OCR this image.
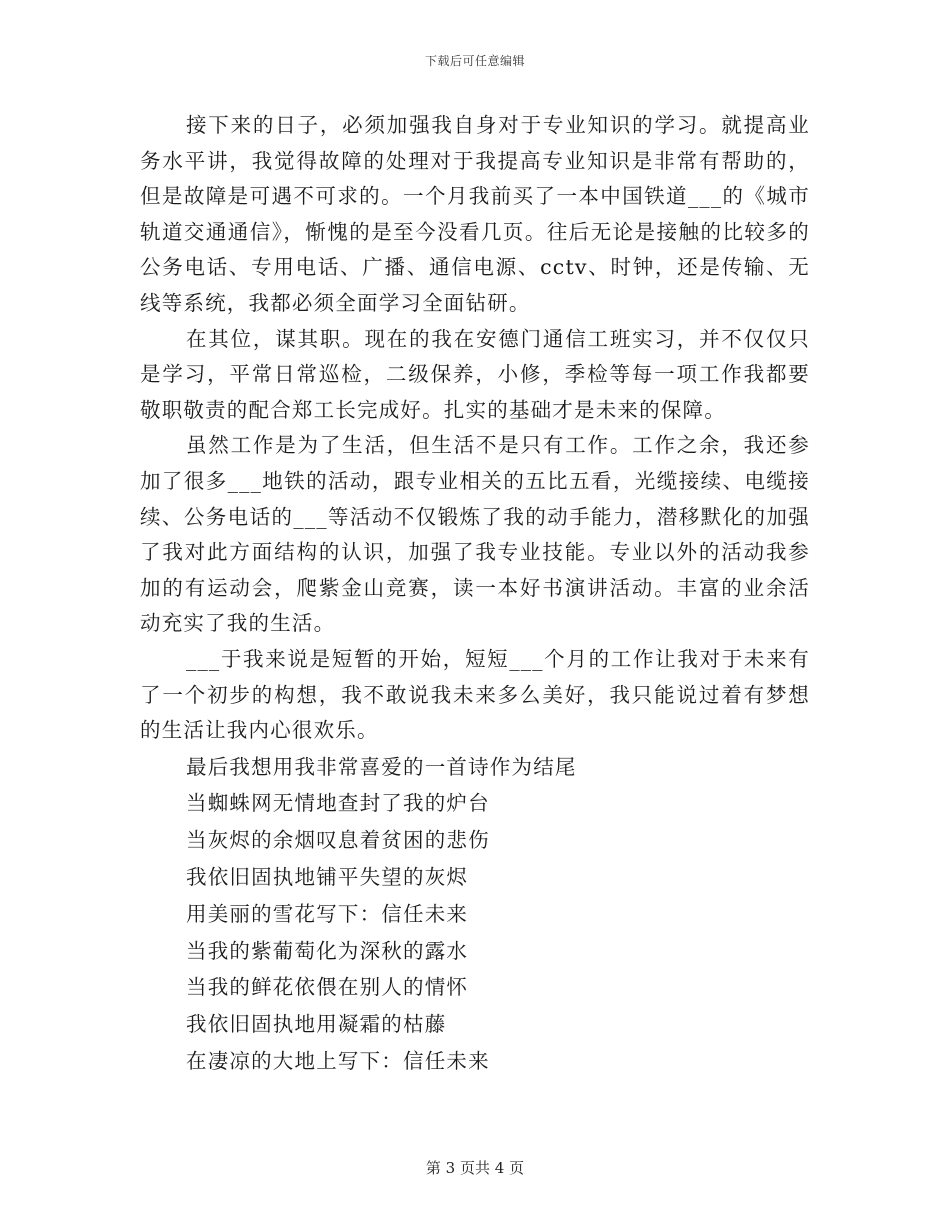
下载后可任意编辑

接下来的日子，必须加强我自身对于专业知识的学习。就提高业务水平讲，我觉得故障的处理对于我提高专业知识是非常有帮助的，但是故障是可遇不可求的。一个月我前买了一本中国铁道___的《城市轨道交通通信》，惭愧的是至今没看几页。往后无论是接触的比较多的公务电话、专用电话、广播、通信电源、cctv、时钟，还是传输、无线等系统，我都必须全面学习全面钻研。

在其位，谋其职。现在的我在安德门通信工班实习，并不仅仅只是学习，平常日常巡检，二级保养，小修，季检等每一项工作我都要敬职敬责的配合郑工长完成好。扎实的基础才是未来的保障。

虽然工作是为了生活，但生活不是只有工作。工作之余，我还参加了很多___地铁的活动，跟专业相关的五比五看，光缆接续、电缆接续、公务电话的___等活动不仅锻炼了我的动手能力，潜移默化的加强了我对此方面结构的认识，加强了我专业技能。专业以外的活动我参加的有运动会，爬紫金山竞赛，读一本好书演讲活动。丰富的业余活动充实了我的生活。

___于我来说是短暂的开始，短短___个月的工作让我对于未来有了一个初步的构想，我不敢说我未来多么美好，我只能说过着有梦想的生活让我内心很欢乐。

最后我想用我非常喜爱的一首诗作为结尾
当蜘蛛网无情地查封了我的炉台
当灰烬的余烟叹息着贫困的悲伤
我依旧固执地铺平失望的灰烬
用美丽的雪花写下：信任未来
当我的紫葡萄化为深秋的露水
当我的鲜花依偎在别人的情怀
我依旧固执地用凝霜的枯藤
在凄凉的大地上写下：信任未来
第 3 页共 4 页
